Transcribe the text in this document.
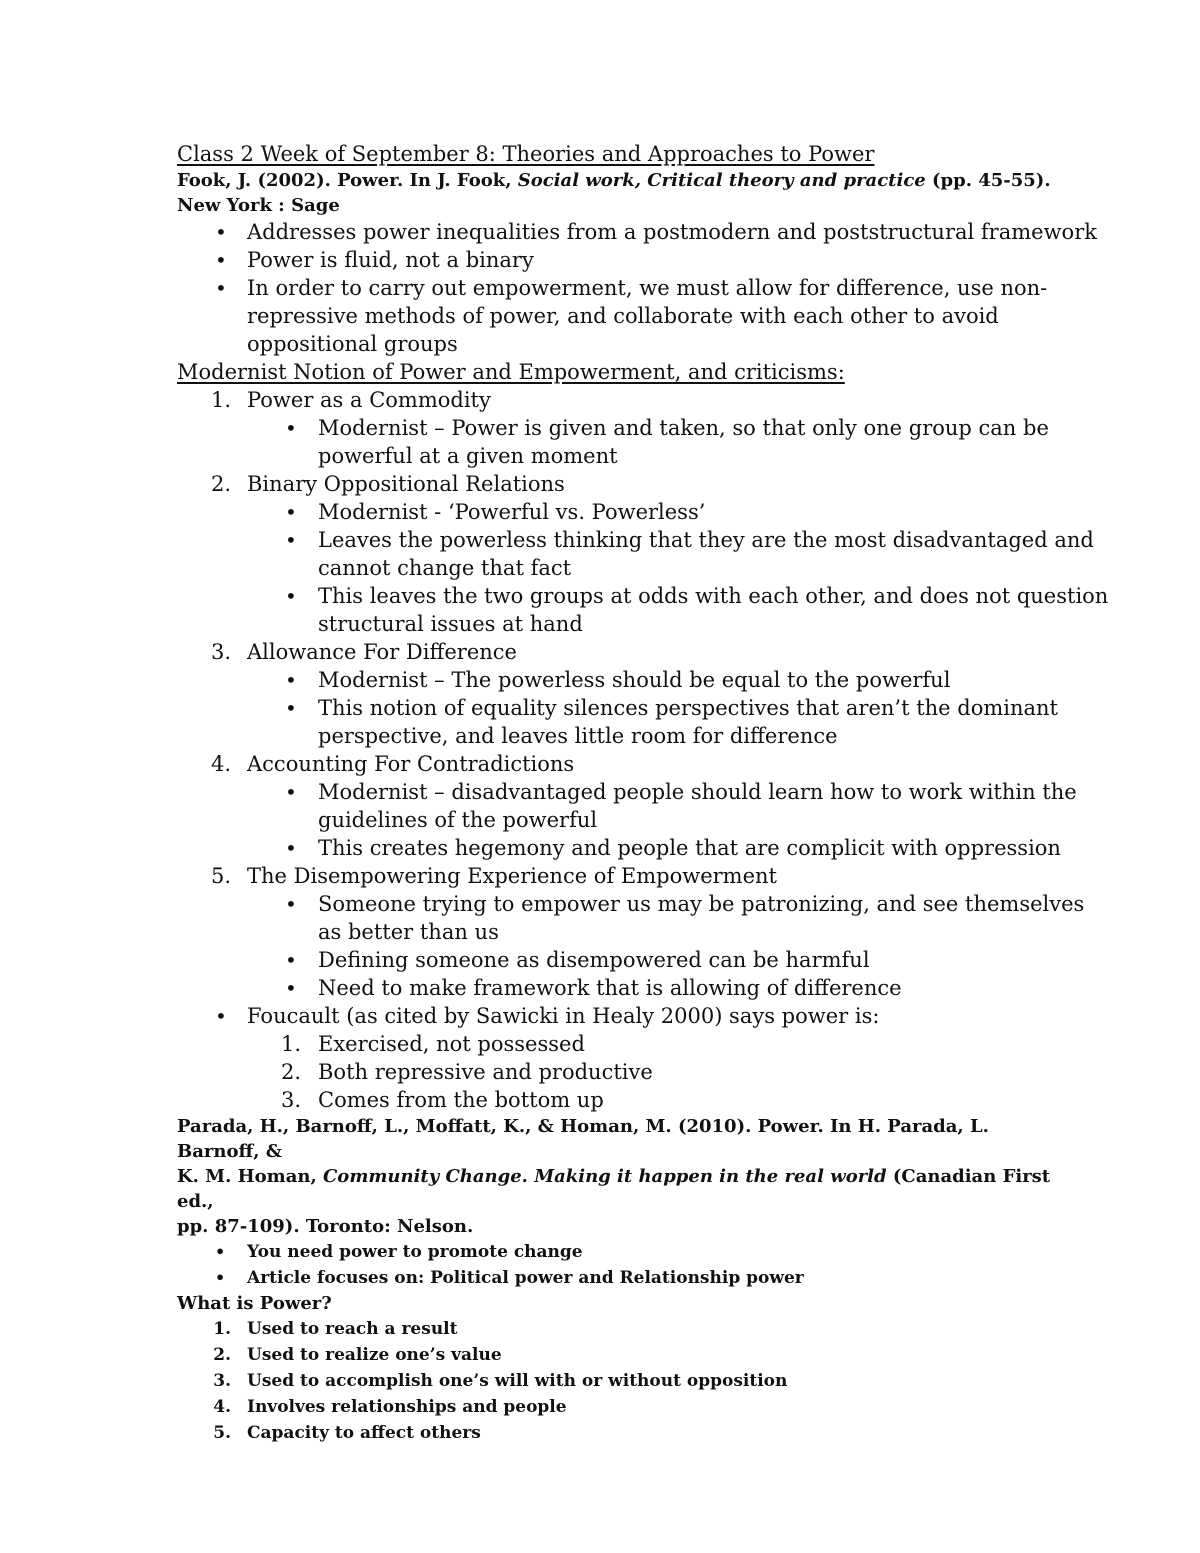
Class 2 Week of September 8: Theories and Approaches to Power
Fook, J. (2002). Power. In J. Fook, Social work, Critical theory and practice (pp. 45-55).
New York : Sage
• Addresses power inequalities from a postmodern and poststructural framework
• Power is fluid, not a binary
• In order to carry out empowerment, we must allow for difference, use non-
repressive methods of power, and collaborate with each other to avoid
oppositional groups
Modernist Notion of Power and Empowerment, and criticisms:
1. Power as a Commodity
• Modernist – Power is given and taken, so that only one group can be
powerful at a given moment
2. Binary Oppositional Relations
• Modernist - ‘Powerful vs. Powerless’
• Leaves the powerless thinking that they are the most disadvantaged and
cannot change that fact
• This leaves the two groups at odds with each other, and does not question
structural issues at hand
3. Allowance For Difference
• Modernist – The powerless should be equal to the powerful
• This notion of equality silences perspectives that aren’t the dominant
perspective, and leaves little room for difference
4. Accounting For Contradictions
• Modernist – disadvantaged people should learn how to work within the
guidelines of the powerful
• This creates hegemony and people that are complicit with oppression
5. The Disempowering Experience of Empowerment
• Someone trying to empower us may be patronizing, and see themselves
as better than us
• Defining someone as disempowered can be harmful
• Need to make framework that is allowing of difference
• Foucault (as cited by Sawicki in Healy 2000) says power is:
1. Exercised, not possessed
2. Both repressive and productive
3. Comes from the bottom up
Parada, H., Barnoff, L., Moffatt, K., & Homan, M. (2010). Power. In H. Parada, L. Barnoff, &
K. M. Homan, Community Change. Making it happen in the real world (Canadian First ed.,
pp. 87-109). Toronto: Nelson.
• You need power to promote change
• Article focuses on: Political power and Relationship power
What is Power?
1. Used to reach a result
2. Used to realize one’s value
3. Used to accomplish one’s will with or without opposition
4. Involves relationships and people
5. Capacity to affect others
